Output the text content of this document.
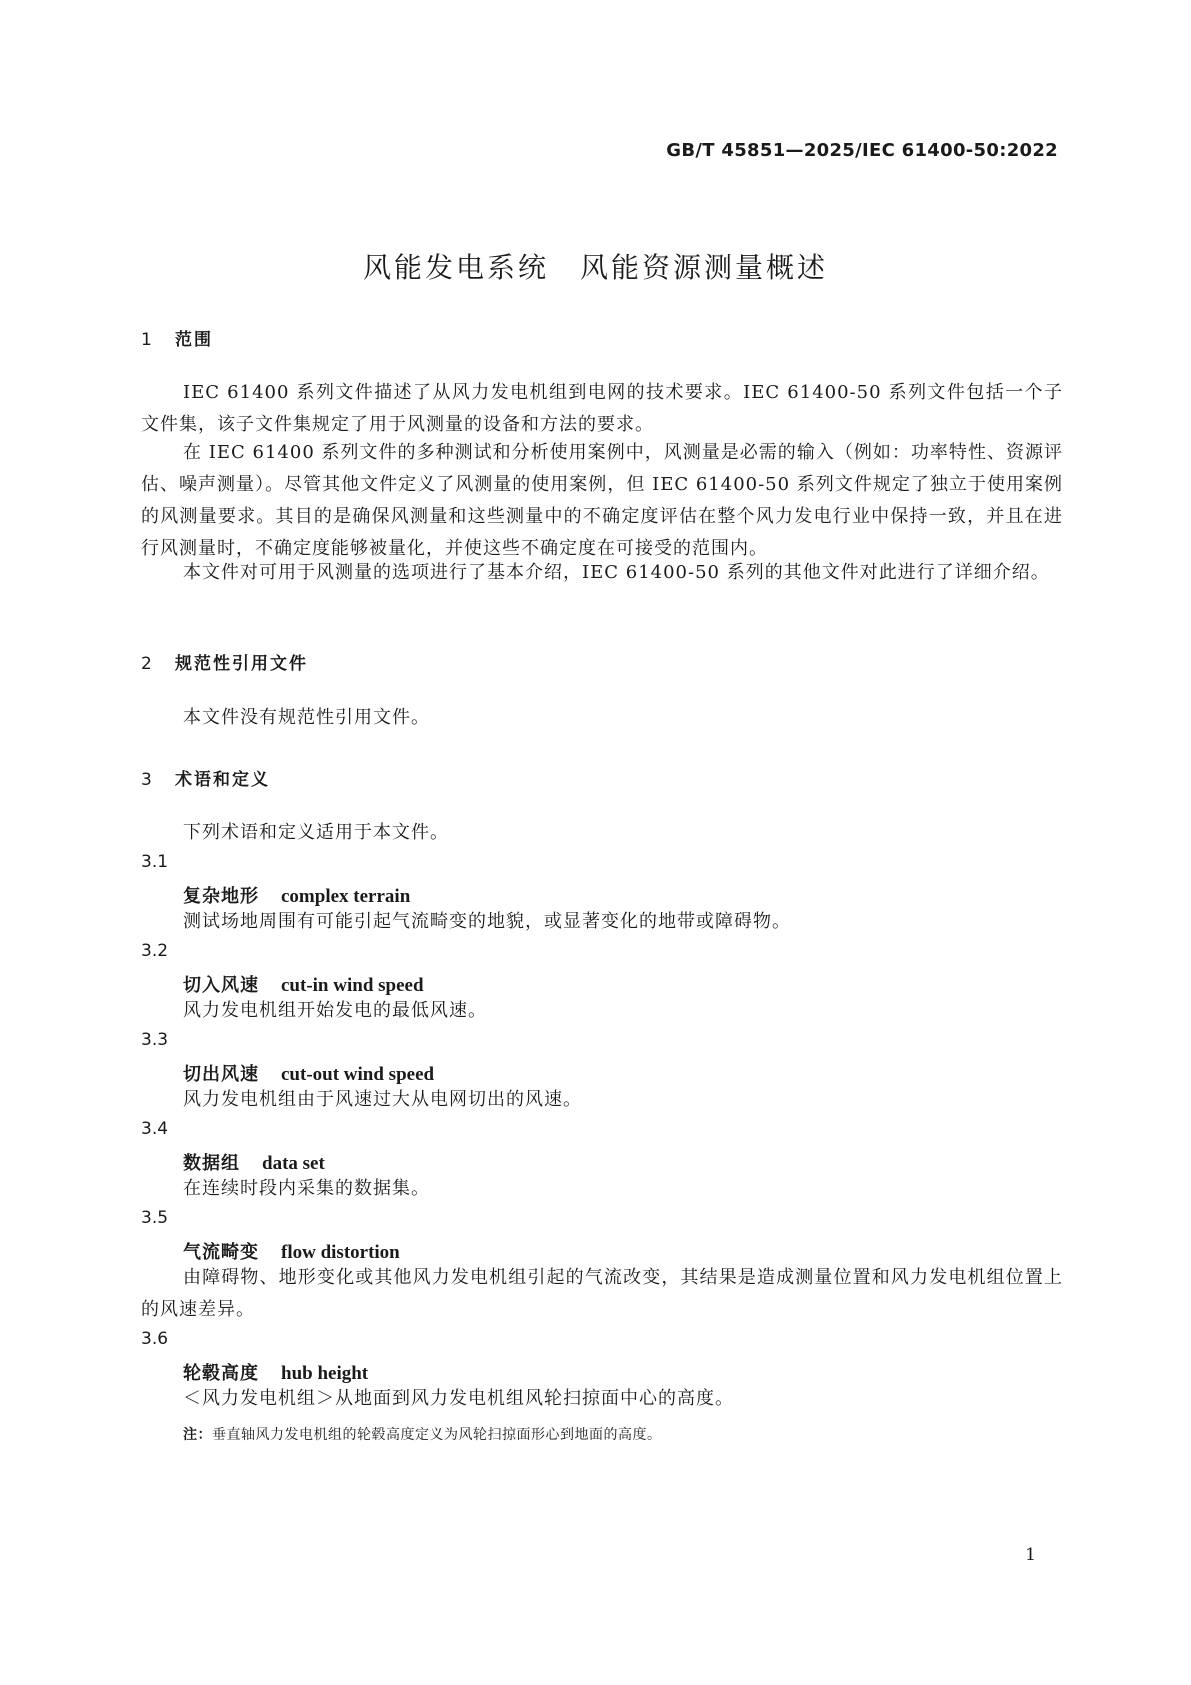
GB/T 45851—2025/IEC 61400-50:2022
风能发电系统　风能资源测量概述
1 范围
IEC 61400 系列文件描述了从风力发电机组到电网的技术要求。IEC 61400-50 系列文件包括一个子文件集，该子文件集规定了用于风测量的设备和方法的要求。
在 IEC 61400 系列文件的多种测试和分析使用案例中，风测量是必需的输入（例如：功率特性、资源评估、噪声测量）。尽管其他文件定义了风测量的使用案例，但 IEC 61400-50 系列文件规定了独立于使用案例的风测量要求。其目的是确保风测量和这些测量中的不确定度评估在整个风力发电行业中保持一致，并且在进行风测量时，不确定度能够被量化，并使这些不确定度在可接受的范围内。
本文件对可用于风测量的选项进行了基本介绍，IEC 61400-50 系列的其他文件对此进行了详细介绍。
2 规范性引用文件
本文件没有规范性引用文件。
3 术语和定义
下列术语和定义适用于本文件。
3.1
复杂地形 complex terrain
测试场地周围有可能引起气流畸变的地貌，或显著变化的地带或障碍物。
3.2
切入风速 cut-in wind speed
风力发电机组开始发电的最低风速。
3.3
切出风速 cut-out wind speed
风力发电机组由于风速过大从电网切出的风速。
3.4
数据组 data set
在连续时段内采集的数据集。
3.5
气流畸变 flow distortion
由障碍物、地形变化或其他风力发电机组引起的气流改变，其结果是造成测量位置和风力发电机组位置上的风速差异。
3.6
轮毂高度 hub height
＜风力发电机组＞从地面到风力发电机组风轮扫掠面中心的高度。
注：垂直轴风力发电机组的轮毂高度定义为风轮扫掠面形心到地面的高度。
1
